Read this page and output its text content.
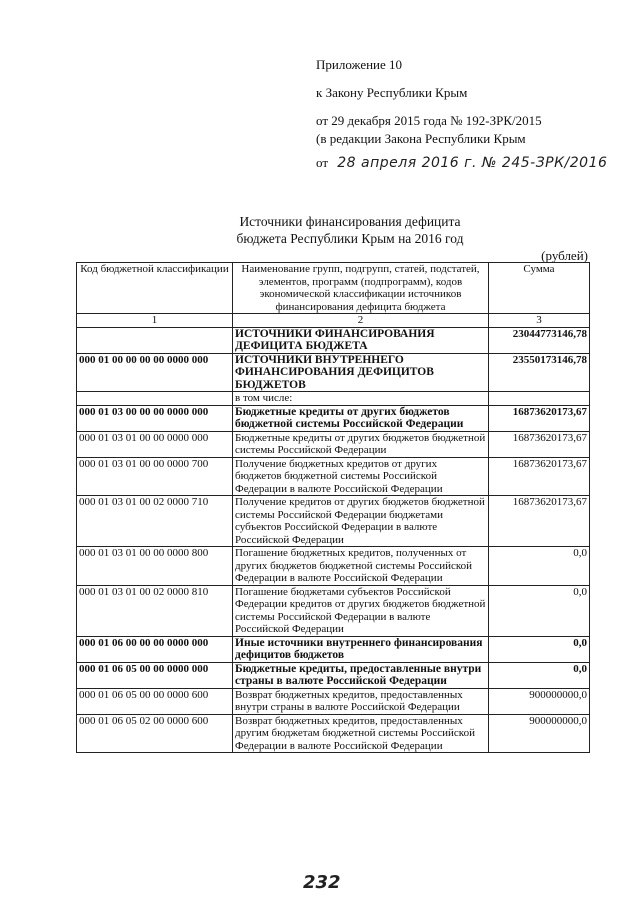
Приложение 10
к Закону Республики Крым
от 29 декабря 2015 года № 192-ЗРК/2015
(в редакции Закона Республики Крым
от 28 апреля 2016 г. № 245-ЗРК/2016
Источники финансирования дефицита
бюджета Республики Крым на 2016 год
(рублей)
Код бюджетной классификации	Наименование групп, подгрупп, статей, подстатей, элементов, программ (подпрограмм), кодов экономической классификации источников финансирования дефицита бюджета	Сумма
1	2	3
	ИСТОЧНИКИ ФИНАНСИРОВАНИЯ ДЕФИЦИТА БЮДЖЕТА	23044773146,78
000 01 00 00 00 00 0000 000	ИСТОЧНИКИ ВНУТРЕННЕГО ФИНАНСИРОВАНИЯ ДЕФИЦИТОВ БЮДЖЕТОВ	23550173146,78
	в том числе:	
000 01 03 00 00 00 0000 000	Бюджетные кредиты от других бюджетов бюджетной системы Российской Федерации	16873620173,67
000 01 03 01 00 00 0000 000	Бюджетные кредиты от других бюджетов бюджетной системы Российской Федерации	16873620173,67
000 01 03 01 00 00 0000 700	Получение бюджетных кредитов от других бюджетов бюджетной системы Российской Федерации в валюте Российской Федерации	16873620173,67
000 01 03 01 00 02 0000 710	Получение кредитов от других бюджетов бюджетной системы Российской Федерации бюджетами субъектов Российской Федерации в валюте Российской Федерации	16873620173,67
000 01 03 01 00 00 0000 800	Погашение бюджетных кредитов, полученных от других бюджетов бюджетной системы Российской Федерации в валюте Российской Федерации	0,0
000 01 03 01 00 02 0000 810	Погашение бюджетами субъектов Российской Федерации кредитов от других бюджетов бюджетной системы Российской Федерации в валюте Российской Федерации	0,0
000 01 06 00 00 00 0000 000	Иные источники внутреннего финансирования дефицитов бюджетов	0,0
000 01 06 05 00 00 0000 000	Бюджетные кредиты, предоставленные внутри страны в валюте Российской Федерации	0,0
000 01 06 05 00 00 0000 600	Возврат бюджетных кредитов, предоставленных внутри страны в валюте Российской Федерации	900000000,0
000 01 06 05 02 00 0000 600	Возврат бюджетных кредитов, предоставленных другим бюджетам бюджетной системы Российской Федерации в валюте Российской Федерации	900000000,0
232
